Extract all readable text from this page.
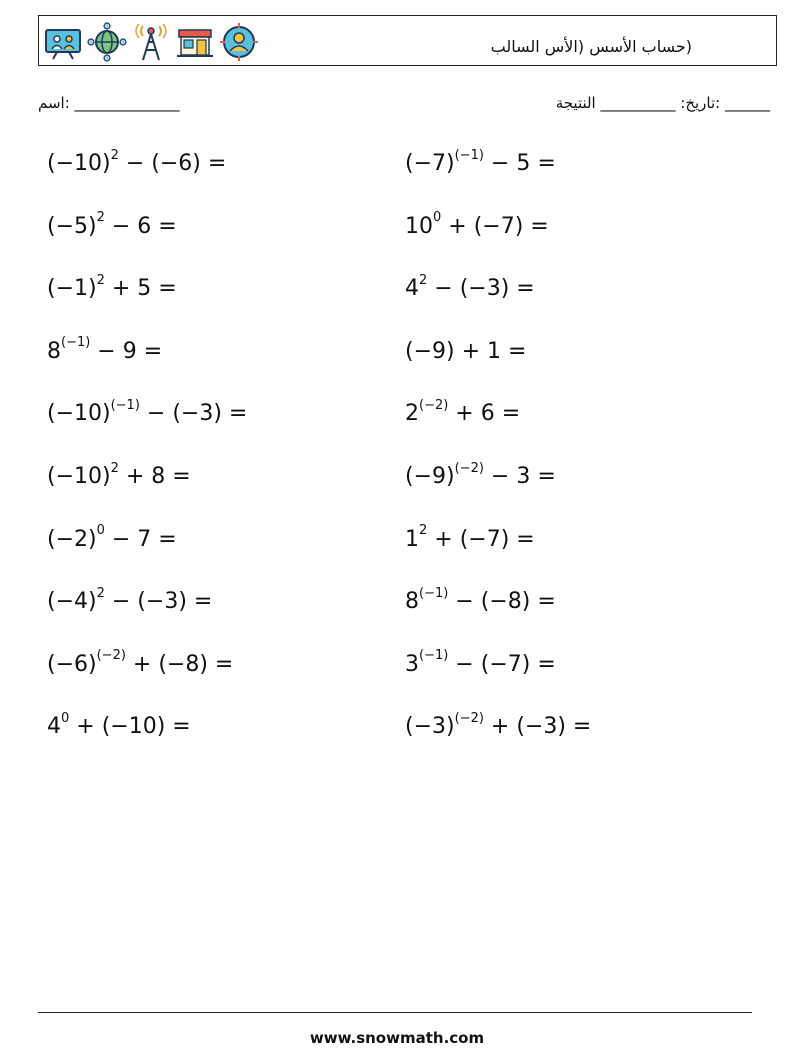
(حساب الأسس (الأس السالب
______________ :اسم	______ :تاريخ: __________ النتيجة
$(-10)^2 - (-6)$ =	$(-7)^{(-1)} - 5$ =
$(-5)^2 - 6$ =	$10^0 + (-7)$ =
$(-1)^2 + 5$ =	$4^2 - (-3)$ =
$8^{(-1)} - 9$ =	(−9) + 1 =
$(-10)^{(-1)} - (-3)$ =	$2^{(-2)} + 6$ =
$(-10)^2 + 8$ =	$(-9)^{(-2)} - 3$ =
$(-2)^0 - 7$ =	$1^2 + (-7)$ =
$(-4)^2 - (-3)$ =	$8^{(-1)} - (-8)$ =
$(-6)^{(-2)} + (-8)$ =	$3^{(-1)} - (-7)$ =
$4^0 + (-10)$ =	$(-3)^{(-2)} + (-3)$ =
www.snowmath.com
